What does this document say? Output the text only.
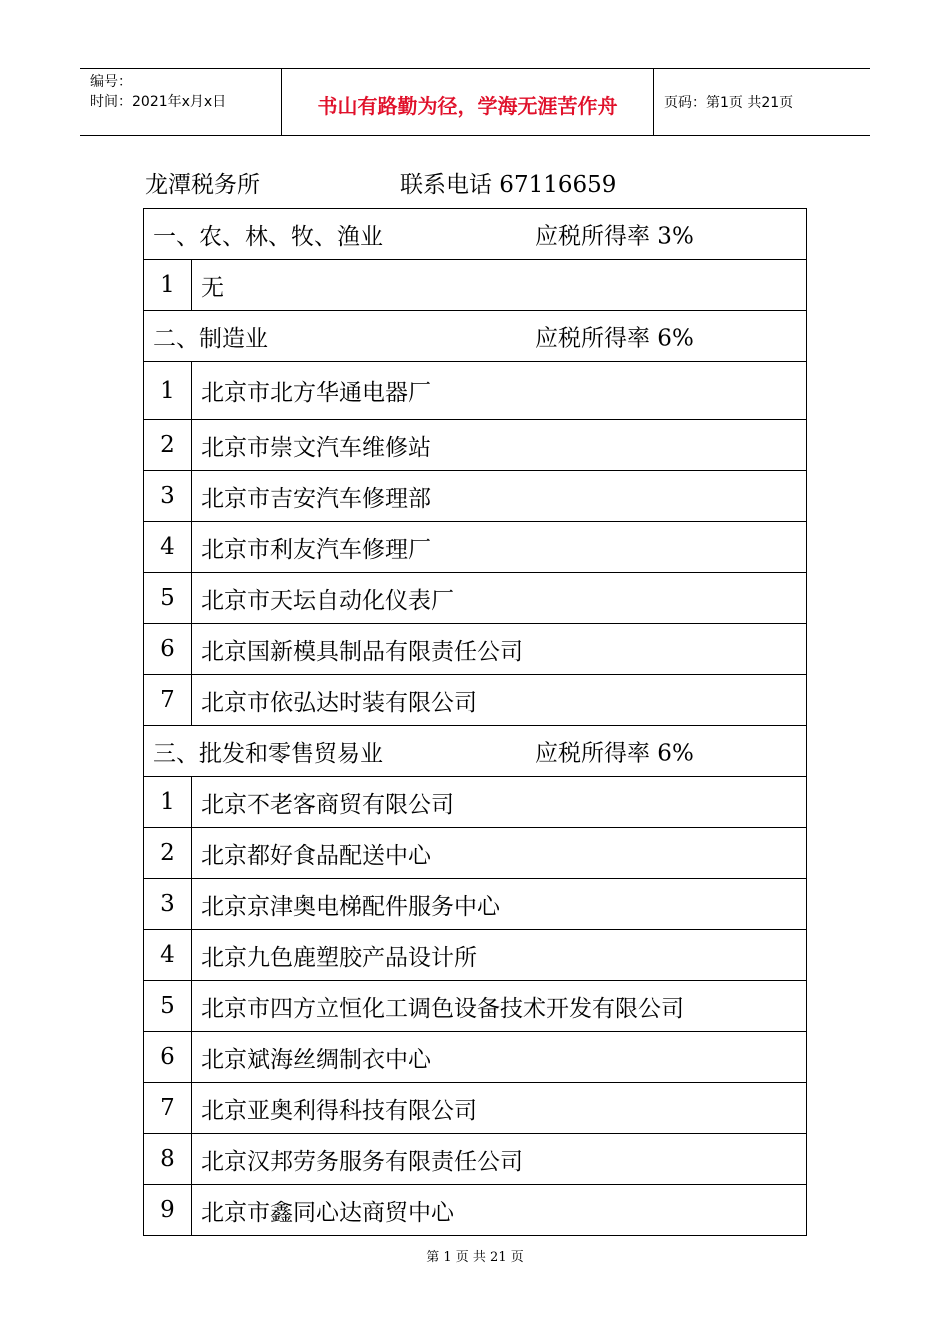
编号：
时间：2021年x月x日	书山有路勤为径，学海无涯苦作舟	页码：第1页 共21页
龙潭税务所	联系电话 67116659
一、农、林、牧、渔业 应税所得率 3%	

1	无
二、制造业 应税所得率 6%	

1	北京市北方华通电器厂
2	北京市崇文汽车维修站
3	北京市吉安汽车修理部
4	北京市利友汽车修理厂
5	北京市天坛自动化仪表厂
6	北京国新模具制品有限责任公司
7	北京市依弘达时装有限公司
三、批发和零售贸易业 应税所得率 6%	

1	北京不老客商贸有限公司
2	北京都好食品配送中心
3	北京京津奥电梯配件服务中心
4	北京九色鹿塑胶产品设计所
5	北京市四方立恒化工调色设备技术开发有限公司
6	北京斌海丝绸制衣中心
7	北京亚奥利得科技有限公司
8	北京汉邦劳务服务有限责任公司
9	北京市鑫同心达商贸中心
第 1 页 共 21 页
